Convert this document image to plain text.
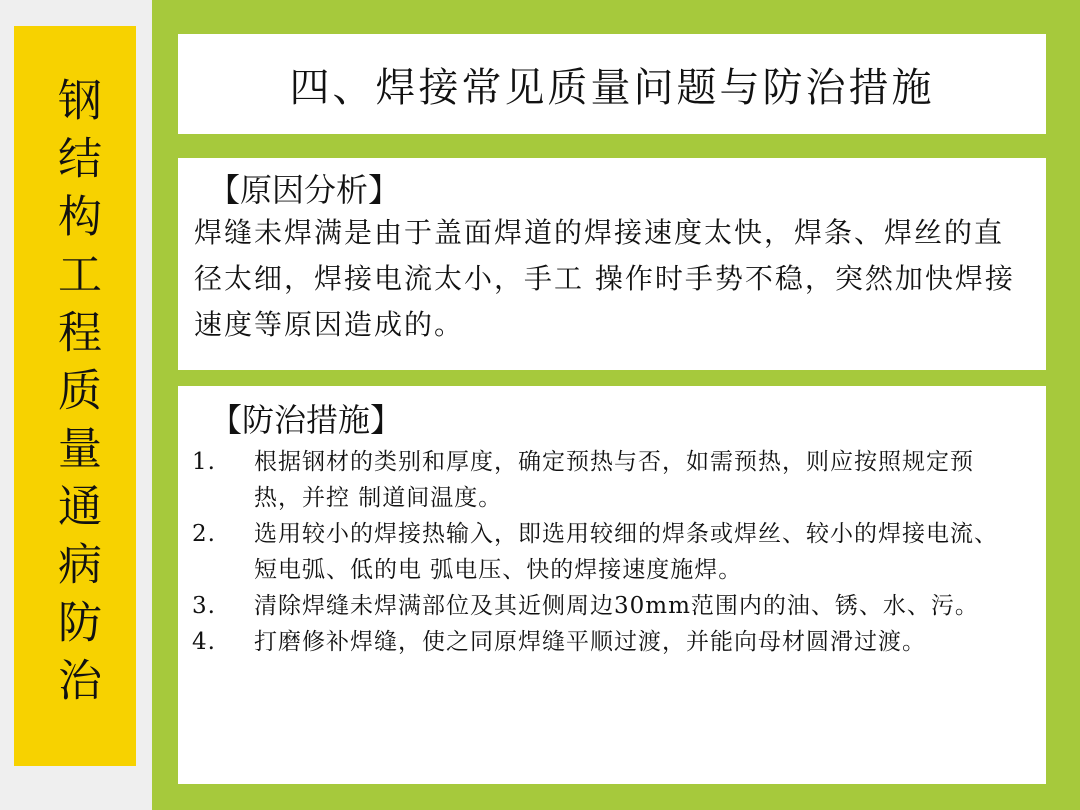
钢结构工程质量通病防治	四、焊接常见质量问题与防治措施
【原因分析】
焊缝未焊满是由于盖面焊道的焊接速度太快，焊条、焊丝的直径太细，焊接电流太小，手工 操作时手势不稳，突然加快焊接速度等原因造成的。
【防治措施】
1.	根据钢材的类别和厚度，确定预热与否，如需预热，则应按照规定预热，并控 制道间温度。
2.	选用较小的焊接热输入，即选用较细的焊条或焊丝、较小的焊接电流、短电弧、低的电 弧电压、快的焊接速度施焊。
3.	清除焊缝未焊满部位及其近侧周边30mm范围内的油、锈、水、污。
4.	打磨修补焊缝，使之同原焊缝平顺过渡，并能向母材圆滑过渡。
